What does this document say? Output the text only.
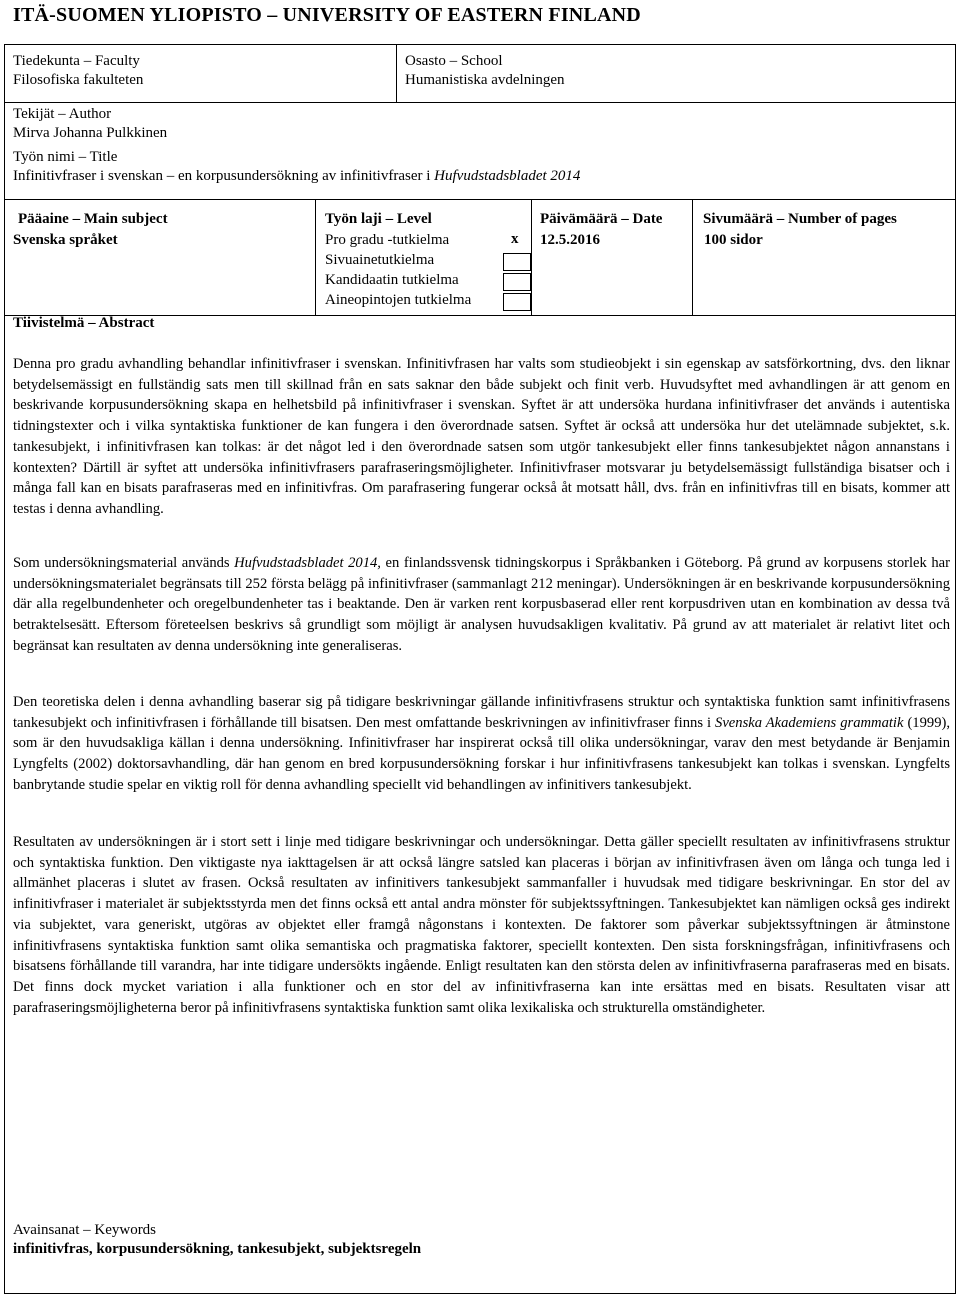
ITÄ-SUOMEN YLIOPISTO – UNIVERSITY OF EASTERN FINLAND
Tiedekunta – Faculty
Filosofiska fakulteten
Osasto – School
Humanistiska avdelningen
Tekijät – Author
Mirva Johanna Pulkkinen
Työn nimi – Title
Infinitivfraser i svenskan – en korpusundersökning av infinitivfraser i Hufvudstadsbladet 2014
Pääaine – Main subject
Svenska språket
Työn laji – Level
Pro gradu -tutkielma
Sivuainetutkielma
Kandidaatin tutkielma
Aineopintojen tutkielma
x
Päivämäärä – Date
12.5.2016
Sivumäärä – Number of pages
100 sidor
Tiivistelmä – Abstract

Denna pro gradu avhandling behandlar infinitivfraser i svenskan. Infinitivfrasen har valts som studieobjekt i sin egenskap av satsförkortning, dvs. den liknar betydelsemässigt en fullständig sats men till skillnad från en sats saknar den både subjekt och finit verb. Huvudsyftet med avhandlingen är att genom en beskrivande korpusundersökning skapa en helhetsbild på infinitivfraser i svenskan. Syftet är att undersöka hurdana infinitivfraser det används i autentiska tidningstexter och i vilka syntaktiska funktioner de kan fungera i den överordnade satsen. Syftet är också att undersöka hur det utelämnade subjektet, s.k. tankesubjekt, i infinitivfrasen kan tolkas: är det något led i den överordnade satsen som utgör tankesubjekt eller finns tankesubjektet någon annanstans i kontexten? Därtill är syftet att undersöka infinitivfrasers parafraseringsmöjligheter. Infinitivfraser motsvarar ju betydelsemässigt fullständiga bisatser och i många fall kan en bisats parafraseras med en infinitivfras. Om parafrasering fungerar också åt motsatt håll, dvs. från en infinitivfras till en bisats, kommer att testas i denna avhandling.

Som undersökningsmaterial används Hufvudstadsbladet 2014, en finlandssvensk tidningskorpus i Språkbanken i Göteborg. På grund av korpusens storlek har undersökningsmaterialet begränsats till 252 första belägg på infinitivfraser (sammanlagt 212 meningar). Undersökningen är en beskrivande korpusundersökning där alla regelbundenheter och oregelbundenheter tas i beaktande. Den är varken rent korpusbaserad eller rent korpusdriven utan en kombination av dessa två betraktelsesätt. Eftersom företeelsen beskrivs så grundligt som möjligt är analysen huvudsakligen kvalitativ. På grund av att materialet är relativt litet och begränsat kan resultaten av denna undersökning inte generaliseras.

Den teoretiska delen i denna avhandling baserar sig på tidigare beskrivningar gällande infinitivfrasens struktur och syntaktiska funktion samt infinitivfrasens tankesubjekt och infinitivfrasen i förhållande till bisatsen. Den mest omfattande beskrivningen av infinitivfraser finns i Svenska Akademiens grammatik (1999), som är den huvudsakliga källan i denna undersökning. Infinitivfraser har inspirerat också till olika undersökningar, varav den mest betydande är Benjamin Lyngfelts (2002) doktorsavhandling, där han genom en bred korpusundersökning forskar i hur infinitivfrasens tankesubjekt kan tolkas i svenskan. Lyngfelts banbrytande studie spelar en viktig roll för denna avhandling speciellt vid behandlingen av infinitivers tankesubjekt.

Resultaten av undersökningen är i stort sett i linje med tidigare beskrivningar och undersökningar. Detta gäller speciellt resultaten av infinitivfrasens struktur och syntaktiska funktion. Den viktigaste nya iakttagelsen är att också längre satsled kan placeras i början av infinitivfrasen även om långa och tunga led i allmänhet placeras i slutet av frasen. Också resultaten av infinitivers tankesubjekt sammanfaller i huvudsak med tidigare beskrivningar. En stor del av infinitivfraser i materialet är subjektsstyrda men det finns också ett antal andra mönster för subjektssyftningen. Tankesubjektet kan nämligen också ges indirekt via subjektet, vara generiskt, utgöras av objektet eller framgå någonstans i kontexten. De faktorer som påverkar subjektssyftningen är åtminstone infinitivfrasens syntaktiska funktion samt olika semantiska och pragmatiska faktorer, speciellt kontexten. Den sista forskningsfrågan, infinitivfrasens och bisatsens förhållande till varandra, har inte tidigare undersökts ingående. Enligt resultaten kan den största delen av infinitivfraserna parafraseras med en bisats. Det finns dock mycket variation i alla funktioner och en stor del av infinitivfraserna kan inte ersättas med en bisats. Resultaten visar att parafraseringsmöjligheterna beror på infinitivfrasens syntaktiska funktion samt olika lexikaliska och strukturella omständigheter.

Avainsanat – Keywords
infinitivfras, korpusundersökning, tankesubjekt, subjektsregeln
